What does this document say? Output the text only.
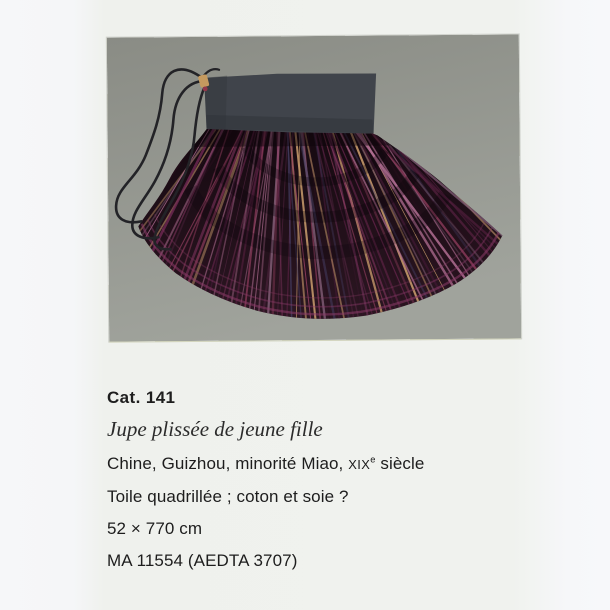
Cat. 141

Jupe plissée de jeune fille

Chine, Guizhou, minorité Miao, XIXe siècle

Toile quadrillée ; coton et soie ?

52 × 770 cm

MA 11554 (AEDTA 3707)
